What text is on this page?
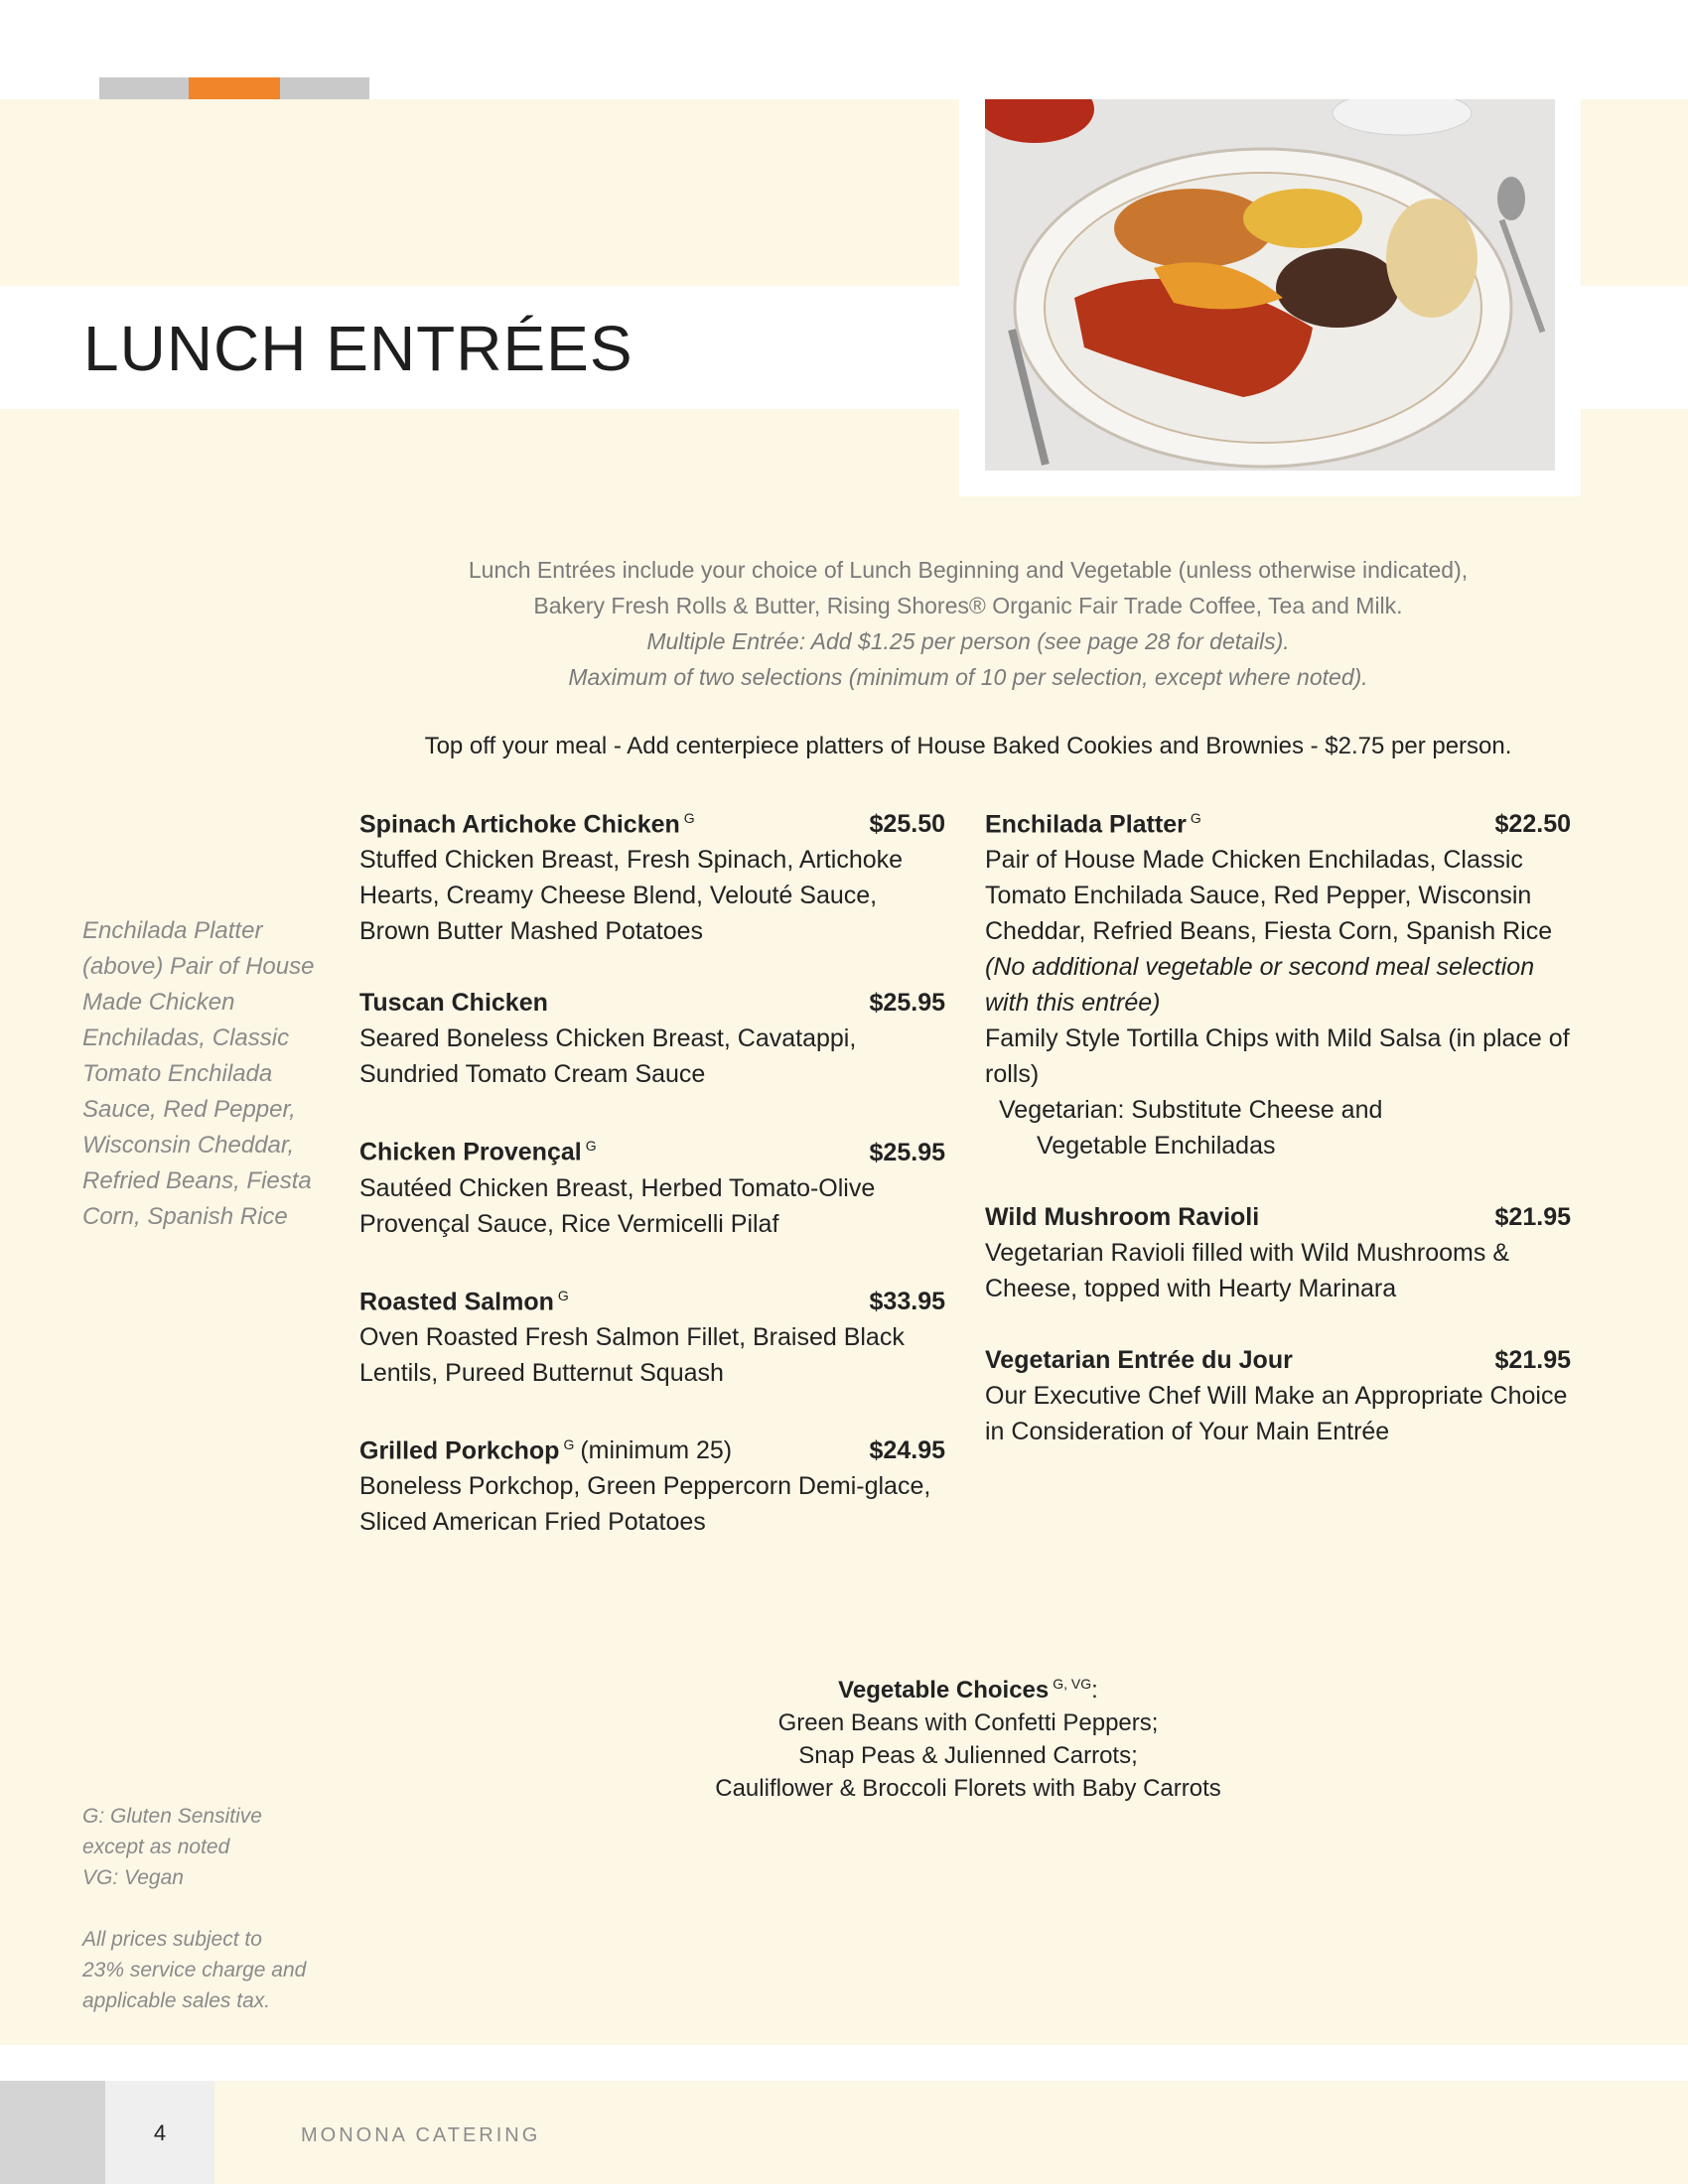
LUNCH ENTRÉES
Lunch Entrées include your choice of Lunch Beginning and Vegetable (unless otherwise indicated),
Bakery Fresh Rolls & Butter, Rising Shores® Organic Fair Trade Coffee, Tea and Milk.
Multiple Entrée: Add $1.25 per person (see page 28 for details).
Maximum of two selections (minimum of 10 per selection, except where noted).
Top off your meal - Add centerpiece platters of House Baked Cookies and Brownies - $2.75 per person.
Enchilada Platter (above) Pair of House Made Chicken Enchiladas, Classic Tomato Enchilada Sauce, Red Pepper, Wisconsin Cheddar, Refried Beans, Fiesta Corn, Spanish Rice
Spinach Artichoke Chicken $^G$	$25.50
Stuffed Chicken Breast, Fresh Spinach, Artichoke Hearts, Creamy Cheese Blend, Velouté Sauce, Brown Butter Mashed Potatoes
Tuscan Chicken	$25.95
Seared Boneless Chicken Breast, Cavatappi, Sundried Tomato Cream Sauce
Chicken Provençal $^G$	$25.95
Sautéed Chicken Breast, Herbed Tomato-Olive Provençal Sauce, Rice Vermicelli Pilaf
Roasted Salmon $^G$	$33.95
Oven Roasted Fresh Salmon Fillet, Braised Black Lentils, Pureed Butternut Squash
Grilled Porkchop $^G$ (minimum 25)	$24.95
Boneless Porkchop, Green Peppercorn Demi-glace, Sliced American Fried Potatoes
Enchilada Platter $^G$	$22.50
Pair of House Made Chicken Enchiladas, Classic Tomato Enchilada Sauce, Red Pepper, Wisconsin Cheddar, Refried Beans, Fiesta Corn, Spanish Rice
(No additional vegetable or second meal selection with this entrée)
Family Style Tortilla Chips with Mild Salsa (in place of rolls)
Vegetarian: Substitute Cheese and
Vegetable Enchiladas
Wild Mushroom Ravioli	$21.95
Vegetarian Ravioli filled with Wild Mushrooms & Cheese, topped with Hearty Marinara
Vegetarian Entrée du Jour	$21.95
Our Executive Chef Will Make an Appropriate Choice in Consideration of Your Main Entrée
Vegetable Choices $^{G, VG}$:
Green Beans with Confetti Peppers;
Snap Peas & Julienned Carrots;
Cauliflower & Broccoli Florets with Baby Carrots
G: Gluten Sensitive
except as noted
VG: Vegan
All prices subject to
23% service charge and
applicable sales tax.
4	MONONA CATERING
